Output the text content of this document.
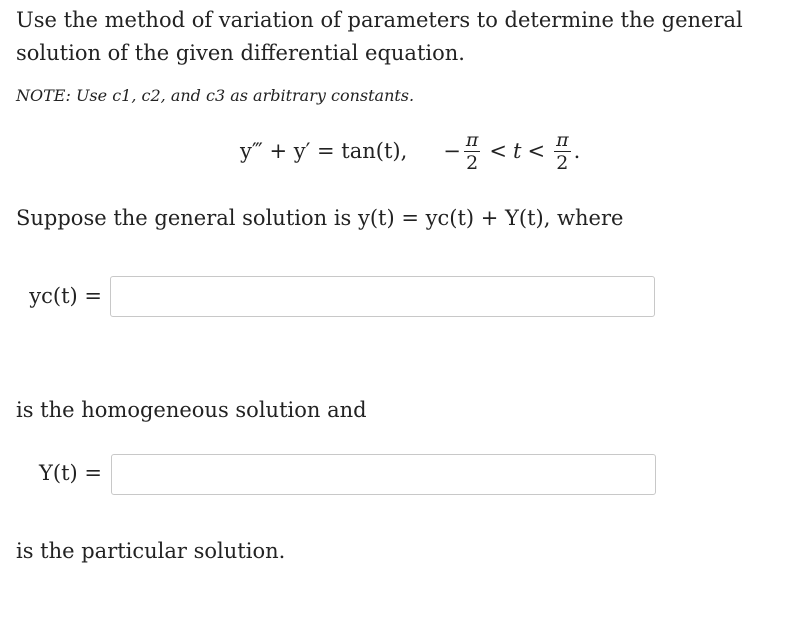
Use the method of variation of parameters to determine the general solution of the given differential equation.
NOTE: Use c1, c2, and c3 as arbitrary constants.
y‴ + y′ = tan(t), − $\frac{\pi}{2} < t < \frac{\pi}{2}$ .
Suppose the general solution is y(t) = yc(t) + Y(t), where
yc(t) =
is the homogeneous solution and
Y(t) =
is the particular solution.
